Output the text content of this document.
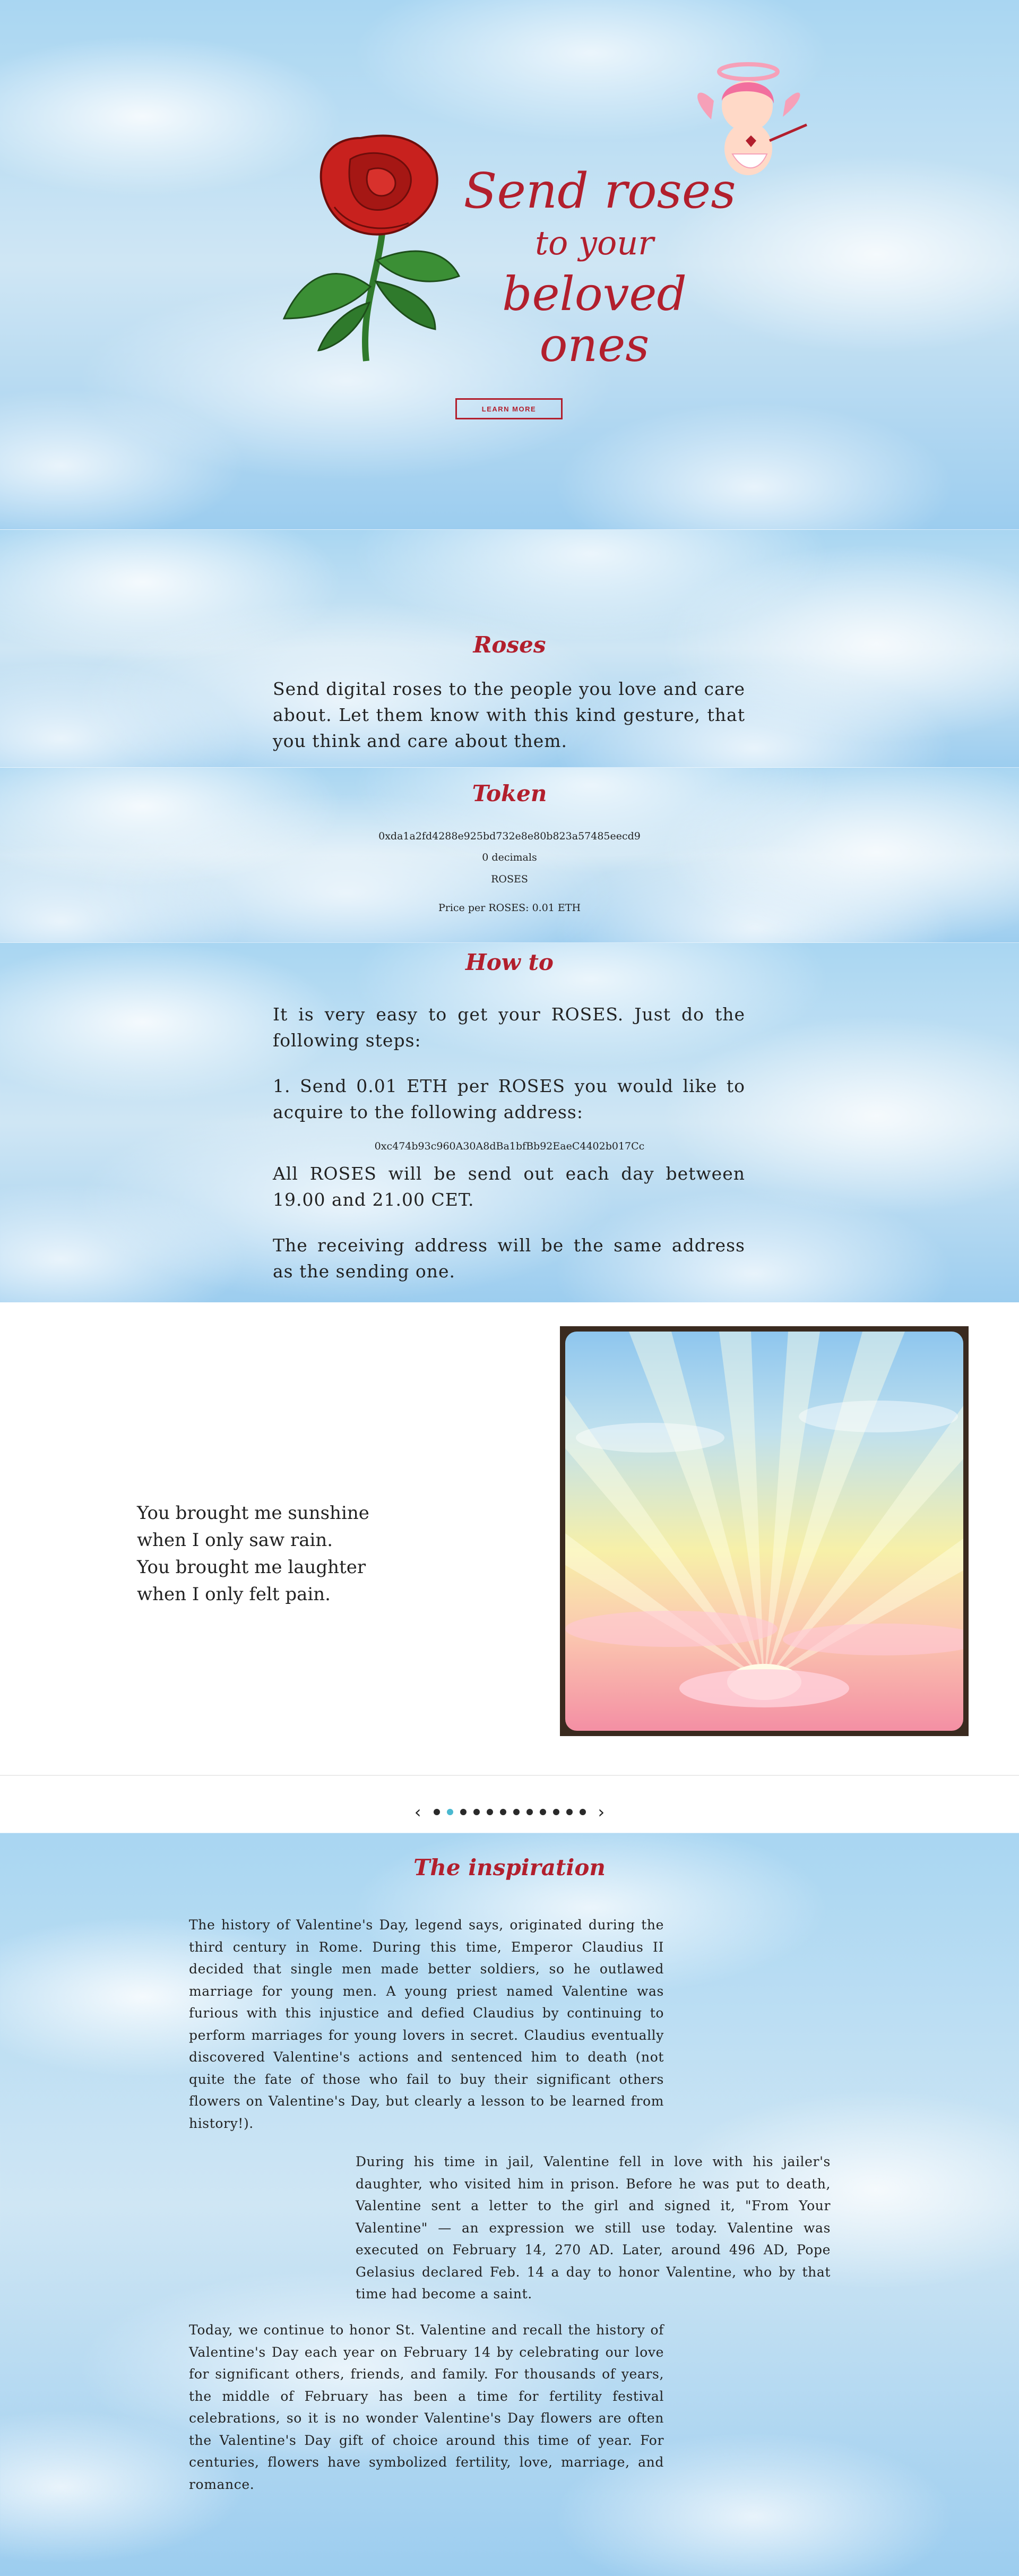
Send roses
to your
beloved ones
LEARN MORE
Roses

Send digital roses to the people you love and care about. Let them know with this kind gesture, that you think and care about them.

Token
0xda1a2fd4288e925bd732e8e80b823a57485eecd9
0 decimals
ROSES
Price per ROSES: 0.01 ETH
How to

It is very easy to get your ROSES. Just do the following steps:

1. Send 0.01 ETH per ROSES you would like to acquire to the following address:

0xc474b93c960A30A8dBa1bfBb92EaeC4402b017Cc

All ROSES will be send out each day between 19.00 and 21.00 CET.

The receiving address will be the same address as the sending one.

You brought me sunshine
when I only saw rain.
You brought me laughter
when I only felt pain.
‹	›
The inspiration

The history of Valentine's Day, legend says, originated during the third century in Rome. During this time, Emperor Claudius II decided that single men made better soldiers, so he outlawed marriage for young men. A young priest named Valentine was furious with this injustice and defied Claudius by continuing to perform marriages for young lovers in secret. Claudius eventually discovered Valentine's actions and sentenced him to death (not quite the fate of those who fail to buy their significant others flowers on Valentine's Day, but clearly a lesson to be learned from history!).

During his time in jail, Valentine fell in love with his jailer's daughter, who visited him in prison. Before he was put to death, Valentine sent a letter to the girl and signed it, "From Your Valentine" — an expression we still use today. Valentine was executed on February 14, 270 AD. Later, around 496 AD, Pope Gelasius declared Feb. 14 a day to honor Valentine, who by that time had become a saint.

Today, we continue to honor St. Valentine and recall the history of Valentine's Day each year on February 14 by celebrating our love for significant others, friends, and family. For thousands of years, the middle of February has been a time for fertility festival celebrations, so it is no wonder Valentine's Day flowers are often the Valentine's Day gift of choice around this time of year. For centuries, flowers have symbolized fertility, love, marriage, and romance.
